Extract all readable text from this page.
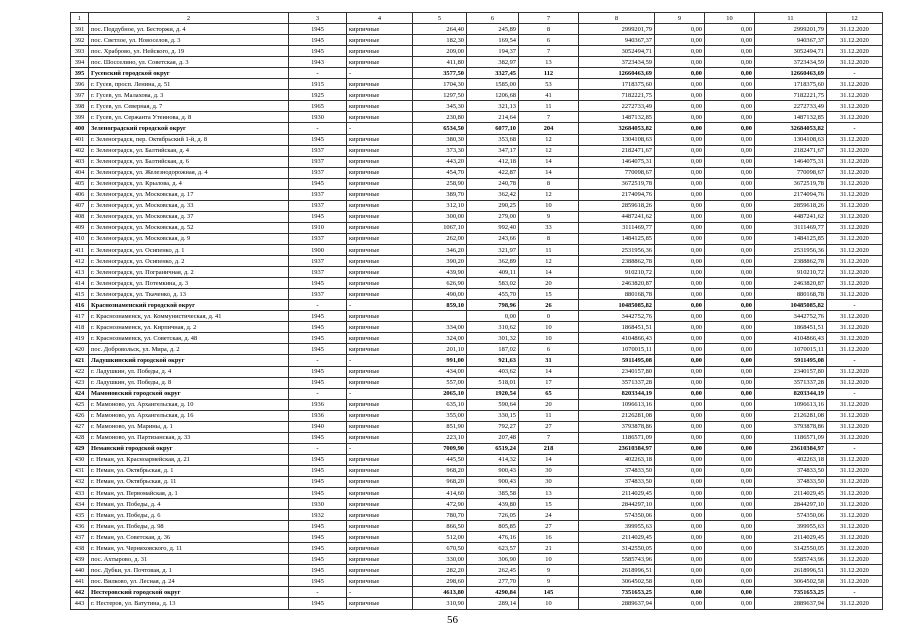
1	2	3	4	5	6	7	8	9	10	11	12
391	пос. Поддубное, ул. Бесторжи, д. 4	1945	кирпичные	264,40	245,89	8	2999201,79	0,00	0,00	2999201,79	31.12.2020
392	пос. Светлое, ул. Новоселов, д. 3	1945	кирпичные	182,30	169,54	6	940367,37	0,00	0,00	940367,37	31.12.2020
393	пос. Храброво, ул. Нейского, д. 19	1945	кирпичные	209,00	194,37	7	3052494,71	0,00	0,00	3052494,71	31.12.2020
394	пос. Шосселино, ул. Советская, д. 3	1943	кирпичные	411,80	382,97	13	3723434,59	0,00	0,00	3723434,59	31.12.2020
395	Гусевский городской округ	-	-	3577,50	3327,45	112	12660463,69	0,00	0,00	12660463,69	-
396	г. Гусев, просп. Ленина, д. 51	1915	кирпичные	1704,30	1585,00	53	1718375,60	0,00	0,00	1718375,60	31.12.2020
397	г. Гусев, ул. Малахова, д. 3	1925	кирпичные	1297,50	1206,68	41	7182221,75	0,00	0,00	7182221,75	31.12.2020
398	г. Гусев, ул. Северная, д. 7	1965	кирпичные	345,30	321,13	11	2272733,49	0,00	0,00	2272733,49	31.12.2020
399	г. Гусев, ул. Сержанта Утеинова, д. 8	1930	кирпичные	230,80	214,64	7	1487132,85	0,00	0,00	1487132,85	31.12.2020
400	Зеленоградский городской округ	-	-	6534,50	6077,10	204	32684053,82	0,00	0,00	32684053,82	-
401	г. Зеленоградск, пер. Октябрьский 1-й, д. 8	1945	кирпичные	380,30	353,68	12	1304108,63	0,00	0,00	1304108,63	31.12.2020
402	г. Зеленоградск, ул. Балтийская, д. 4	1937	кирпичные	373,30	347,17	12	2182471,67	0,00	0,00	2182471,67	31.12.2020
403	г. Зеленоградск, ул. Балтийская, д. 6	1937	кирпичные	443,20	412,18	14	1464075,31	0,00	0,00	1464075,31	31.12.2020
404	г. Зеленоградск, ул. Железнодорожная, д. 4	1937	кирпичные	454,70	422,87	14	770098,67	0,00	0,00	770098,67	31.12.2020
405	г. Зеленоградск, ул. Крылова, д. 4	1945	кирпичные	258,90	240,78	8	3672519,78	0,00	0,00	3672519,78	31.12.2020
406	г. Зеленоградск, ул. Московская, д. 17	1937	кирпичные	389,70	362,42	12	2174094,76	0,00	0,00	2174094,76	31.12.2020
407	г. Зеленоградск, ул. Московская, д. 33	1937	кирпичные	312,10	290,25	10	2859618,26	0,00	0,00	2859618,26	31.12.2020
408	г. Зеленоградск, ул. Московская, д. 37	1945	кирпичные	300,00	279,00	9	4487241,62	0,00	0,00	4487241,62	31.12.2020
409	г. Зеленоградск, ул. Московская, д. 52	1910	кирпичные	1067,10	992,40	33	3111469,77	0,00	0,00	3111469,77	31.12.2020
410	г. Зеленоградск, ул. Московская, д. 9	1937	кирпичные	262,00	243,66	8	1484125,85	0,00	0,00	1484125,85	31.12.2020
411	г. Зеленоградск, ул. Осипенко, д. 1	1900	кирпичные	346,20	321,97	11	2531956,36	0,00	0,00	2531956,36	31.12.2020
412	г. Зеленоградск, ул. Осипенко, д. 2	1937	кирпичные	390,20	362,89	12	2388862,78	0,00	0,00	2388862,78	31.12.2020
413	г. Зеленоградск, ул. Пограничная, д. 2	1937	кирпичные	439,90	409,11	14	910210,72	0,00	0,00	910210,72	31.12.2020
414	г. Зеленоградск, ул. Потемкина, д. 3	1945	кирпичные	626,90	583,02	20	2463820,87	0,00	0,00	2463820,87	31.12.2020
415	г. Зеленоградск, ул. Ткаченко, д. 13	1937	кирпичные	490,00	455,70	15	880168,78	0,00	0,00	880168,78	31.12.2020
416	Краснознаменский городской округ	-	-	859,10	798,96	26	10485085,82	0,00	0,00	10485085,82	-
417	г. Краснознаменск, ул. Коммунистическая, д. 41	1945	кирпичные		0,00	0	3442752,76	0,00	0,00	3442752,76	31.12.2020
418	г. Краснознаменск, ул. Кирпичная, д. 2	1945	кирпичные	334,00	310,62	10	1868451,51	0,00	0,00	1868451,51	31.12.2020
419	г. Краснознаменск, ул. Советская, д. 48	1945	кирпичные	324,00	301,32	10	4104866,43	0,00	0,00	4104866,43	31.12.2020
420	пос. Добровольск, ул. Мира, д. 2	1945	кирпичные	201,10	187,02	6	1070015,11	0,00	0,00	1070015,11	31.12.2020
421	Ладушкинский городской округ	-	-	991,00	921,63	31	5911495,08	0,00	0,00	5911495,08	-
422	г. Ладушкин, ул. Победы, д. 4	1945	кирпичные	434,00	403,62	14	2340157,80	0,00	0,00	2340157,80	31.12.2020
423	г. Ладушкин, ул. Победы, д. 8	1945	кирпичные	557,00	518,01	17	3571337,28	0,00	0,00	3571337,28	31.12.2020
424	Мамоновский городской округ	-	-	2065,10	1920,54	65	8203344,19	0,00	0,00	8203344,19	-
425	г. Мамоново, ул. Архангельская, д. 10	1936	кирпичные	635,10	590,64	20	1096613,16	0,00	0,00	1096613,16	31.12.2020
426	г. Мамоново, ул. Архангельская, д. 16	1936	кирпичные	355,00	330,15	11	2126281,08	0,00	0,00	2126281,08	31.12.2020
427	г. Мамоново, ул. Марины, д. 1	1940	кирпичные	851,90	792,27	27	3793878,86	0,00	0,00	3793878,86	31.12.2020
428	г. Мамоново, ул. Партизанская, д. 33	1945	кирпичные	223,10	207,48	7	1186571,09	0,00	0,00	1186571,09	31.12.2020
429	Неманский городской округ	-	-	7009,90	6519,24	218	23610384,97	0,00	0,00	23610384,97	-
430	г. Неман, ул. Красноармейская, д. 21	1945	кирпичные	445,50	414,32	14	402263,18	0,00	0,00	402263,18	31.12.2020
431	г. Неман, ул. Октябрьская, д. 1	1945	кирпичные	968,20	900,43	30	374833,50	0,00	0,00	374833,50	31.12.2020
432	г. Неман, ул. Октябрьская, д. 11	1945	кирпичные	968,20	900,43	30	374833,50	0,00	0,00	374833,50	31.12.2020
433	г. Неман, ул. Первомайская, д. 1	1945	кирпичные	414,60	385,58	13	2114029,45	0,00	0,00	2114029,45	31.12.2020
434	г. Неман, ул. Победы, д. 4	1930	кирпичные	472,90	439,80	15	2844297,10	0,00	0,00	2844297,10	31.12.2020
435	г. Неман, ул. Победы, д. 6	1932	кирпичные	780,70	726,05	24	574350,06	0,00	0,00	574350,06	31.12.2020
436	г. Неман, ул. Победы, д. 98	1945	кирпичные	866,50	805,85	27	399955,63	0,00	0,00	399955,63	31.12.2020
437	г. Неман, ул. Советская, д. 36	1945	кирпичные	512,00	476,16	16	2114029,45	0,00	0,00	2114029,45	31.12.2020
438	г. Неман, ул. Черняховского, д. 11	1945	кирпичные	670,50	623,57	21	3142550,05	0,00	0,00	3142550,05	31.12.2020
439	пос. Ахтырово, д. 31	1945	кирпичные	330,00	306,90	10	5585743,96	0,00	0,00	5585743,96	31.12.2020
440	пос. Дубки, ул. Почтовая, д. 1	1945	кирпичные	282,20	262,45	9	2618996,51	0,00	0,00	2618996,51	31.12.2020
441	пос. Вилково, ул. Лесная, д. 24	1945	кирпичные	298,60	277,70	9	3064502,58	0,00	0,00	3064502,58	31.12.2020
442	Нестеровский городской округ	-	-	4613,80	4290,84	145	7351653,25	0,00	0,00	7351653,25	-
443	г. Нестеров, ул. Ватутина, д. 13	1945	кирпичные	310,90	289,14	10	2889637,94	0,00	0,00	2889637,94	31.12.2020
56
